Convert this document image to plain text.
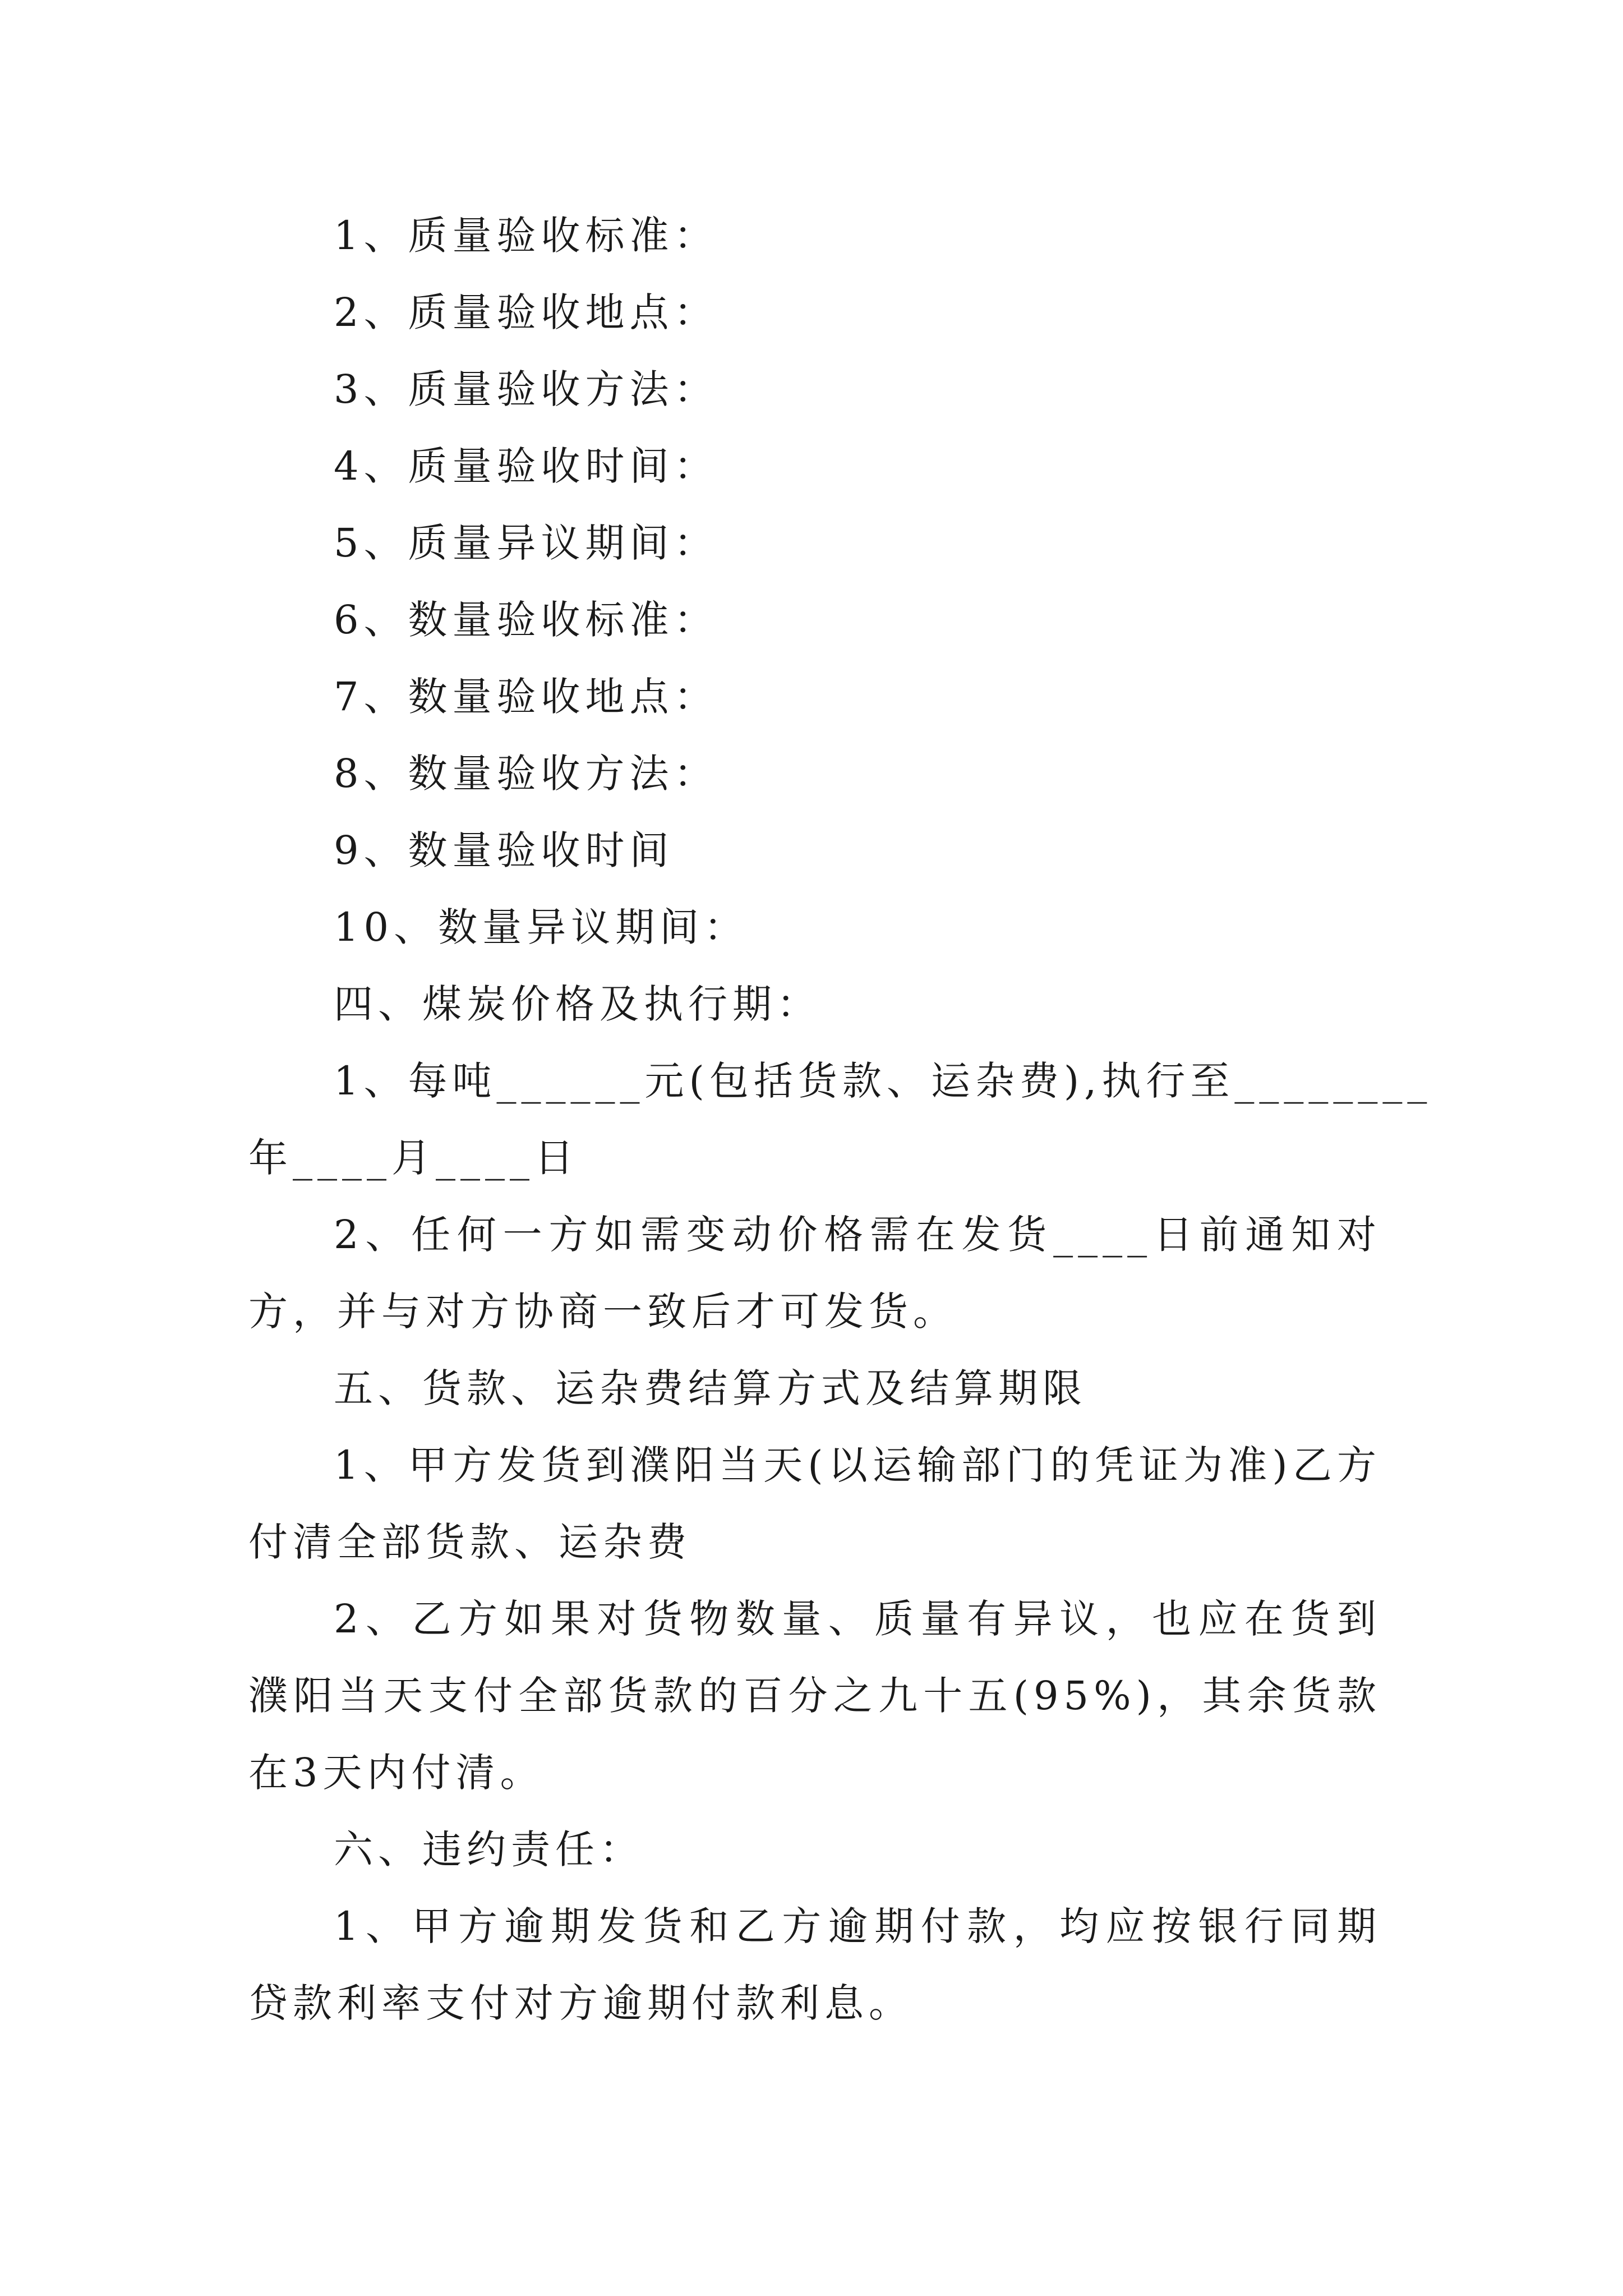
1、质量验收标准：
2、质量验收地点：
3、质量验收方法：
4、质量验收时间：
5、质量异议期间：
6、数量验收标准：
7、数量验收地点：
8、数量验收方法：
9、数量验收时间
10、数量异议期间：
四、煤炭价格及执行期：
1、每吨______元(包括货款、运杂费),执行至________
年____月____日
2、任何一方如需变动价格需在发货____日前通知对方，并与对方协商一致后才可发货。
五、货款、运杂费结算方式及结算期限
1、甲方发货到濮阳当天(以运输部门的凭证为准)乙方付清全部货款、运杂费
2、乙方如果对货物数量、质量有异议，也应在货到濮阳当天支付全部货款的百分之九十五(95%)，其余货款在3天内付清。
六、违约责任：
1、甲方逾期发货和乙方逾期付款，均应按银行同期贷款利率支付对方逾期付款利息。
